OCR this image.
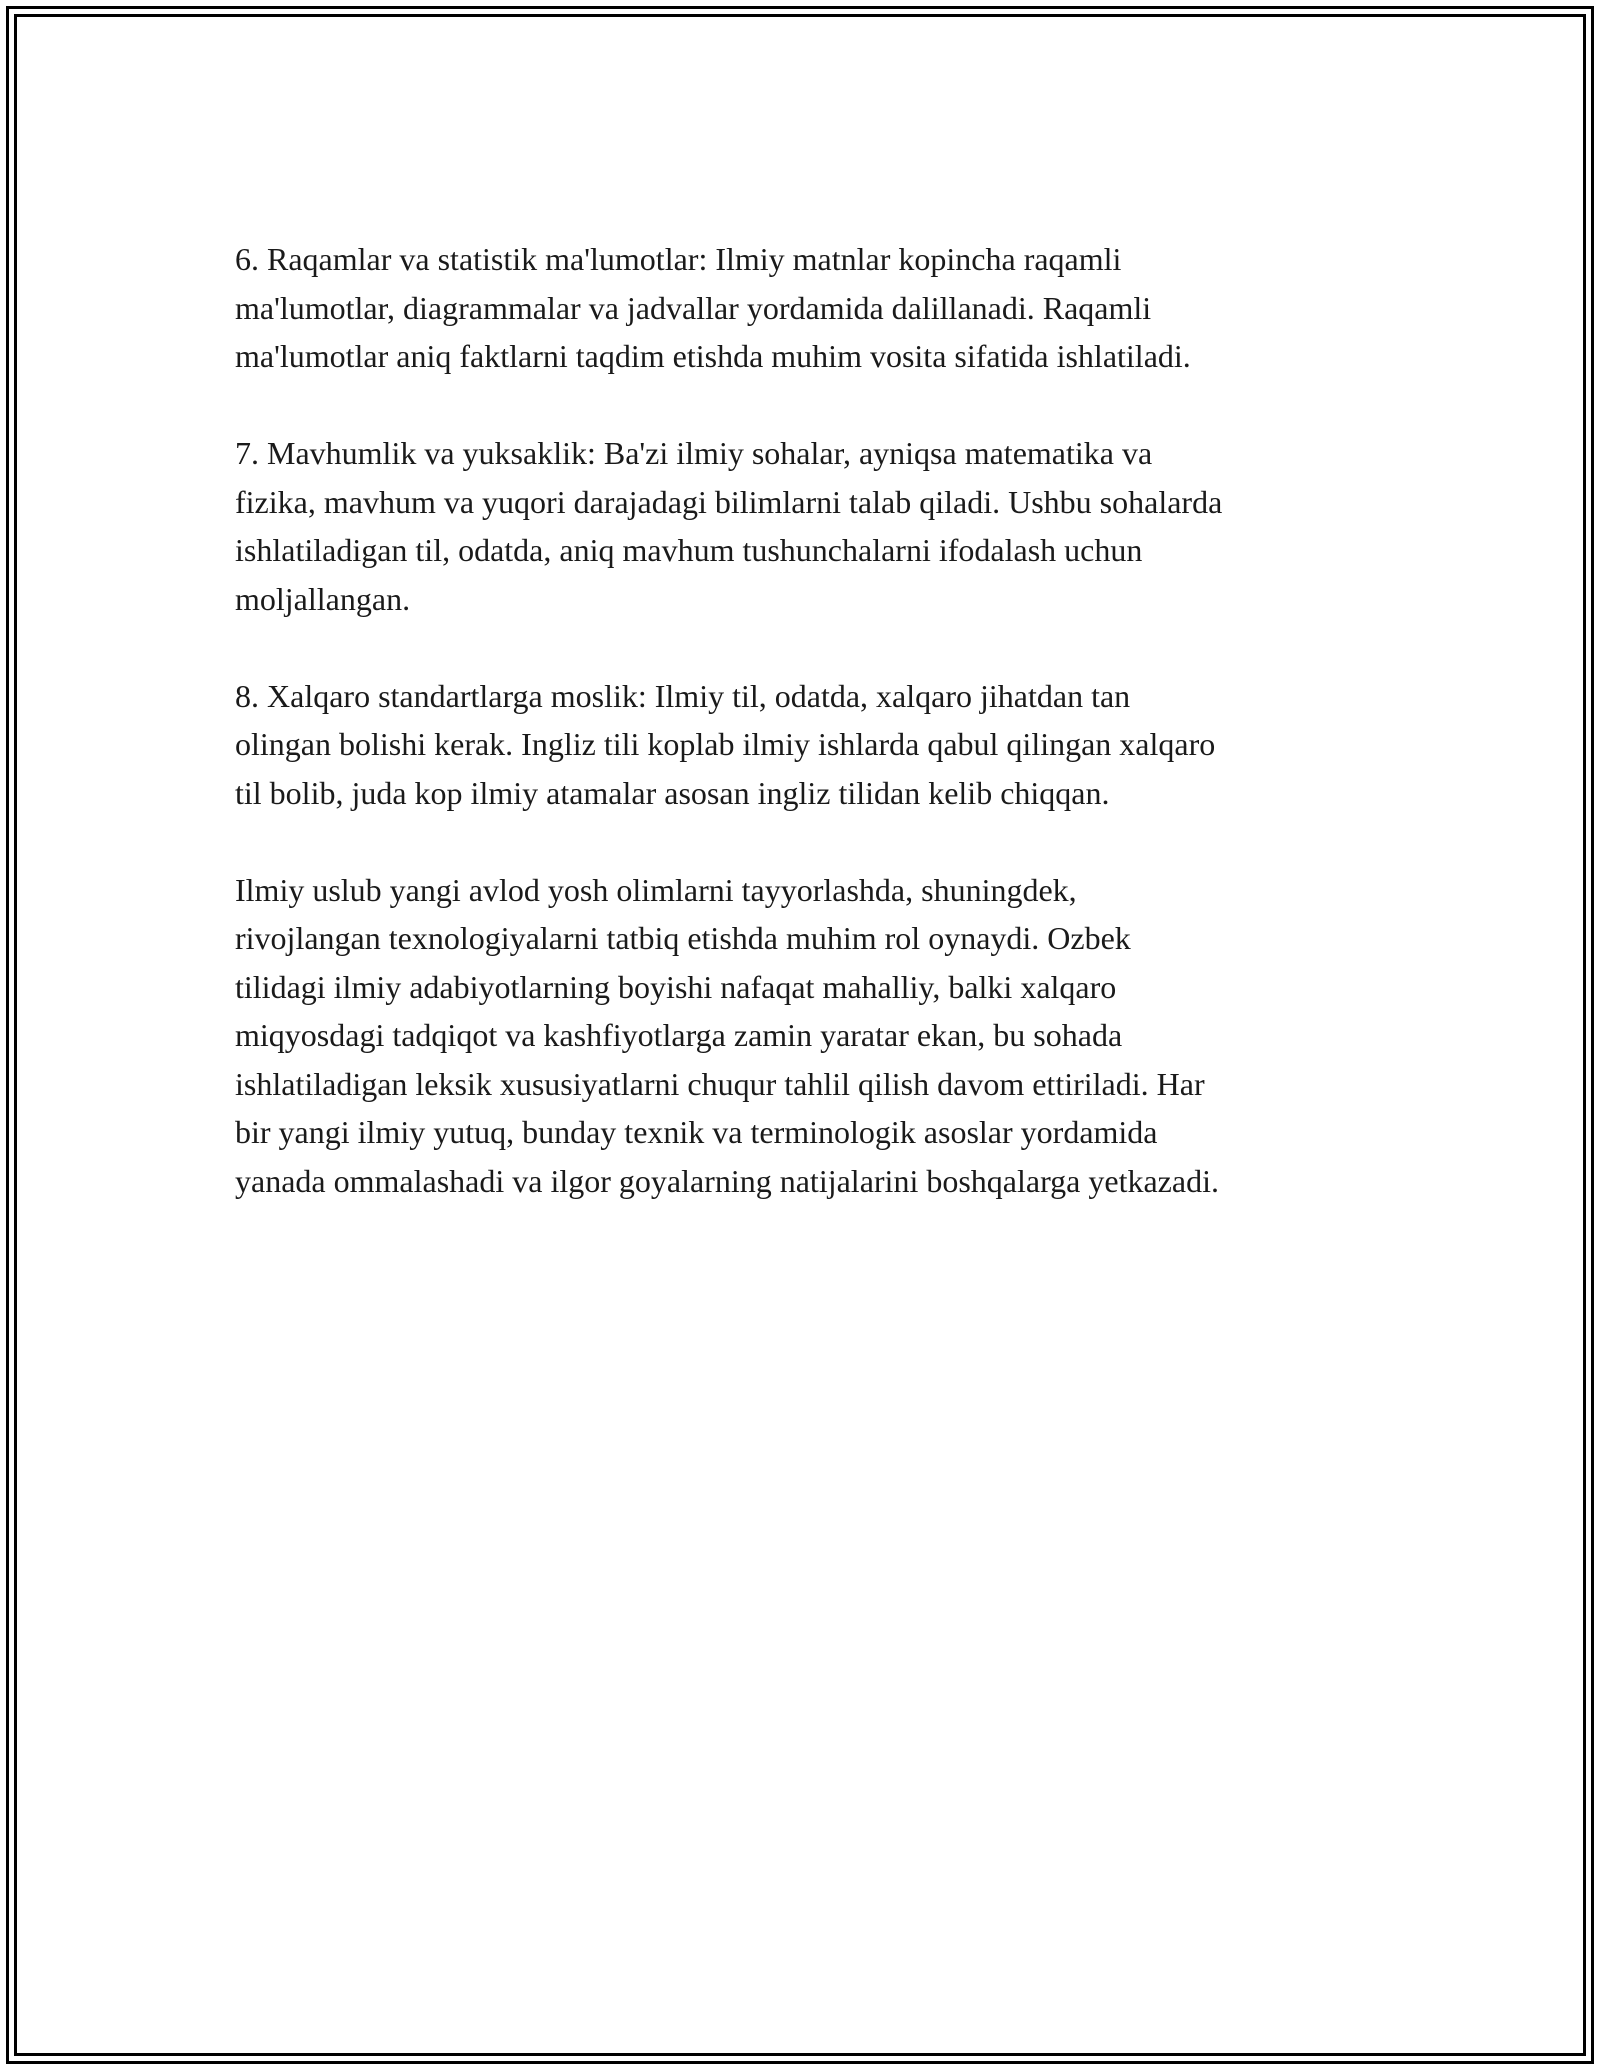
6. Raqamlar va statistik ma'lumotlar: Ilmiy matnlar kopincha raqamli
ma'lumotlar, diagrammalar va jadvallar yordamida dalillanadi. Raqamli
ma'lumotlar aniq faktlarni taqdim etishda muhim vosita sifatida ishlatiladi.

7. Mavhumlik va yuksaklik: Ba'zi ilmiy sohalar, ayniqsa matematika va
fizika, mavhum va yuqori darajadagi bilimlarni talab qiladi. Ushbu sohalarda
ishlatiladigan til, odatda, aniq mavhum tushunchalarni ifodalash uchun
moljallangan.

8. Xalqaro standartlarga moslik: Ilmiy til, odatda, xalqaro jihatdan tan
olingan bolishi kerak. Ingliz tili koplab ilmiy ishlarda qabul qilingan xalqaro
til bolib, juda kop ilmiy atamalar asosan ingliz tilidan kelib chiqqan.

Ilmiy uslub yangi avlod yosh olimlarni tayyorlashda, shuningdek,
rivojlangan texnologiyalarni tatbiq etishda muhim rol oynaydi. Ozbek
tilidagi ilmiy adabiyotlarning boyishi nafaqat mahalliy, balki xalqaro
miqyosdagi tadqiqot va kashfiyotlarga zamin yaratar ekan, bu sohada
ishlatiladigan leksik xususiyatlarni chuqur tahlil qilish davom ettiriladi. Har
bir yangi ilmiy yutuq, bunday texnik va terminologik asoslar yordamida
yanada ommalashadi va ilgor goyalarning natijalarini boshqalarga yetkazadi.
